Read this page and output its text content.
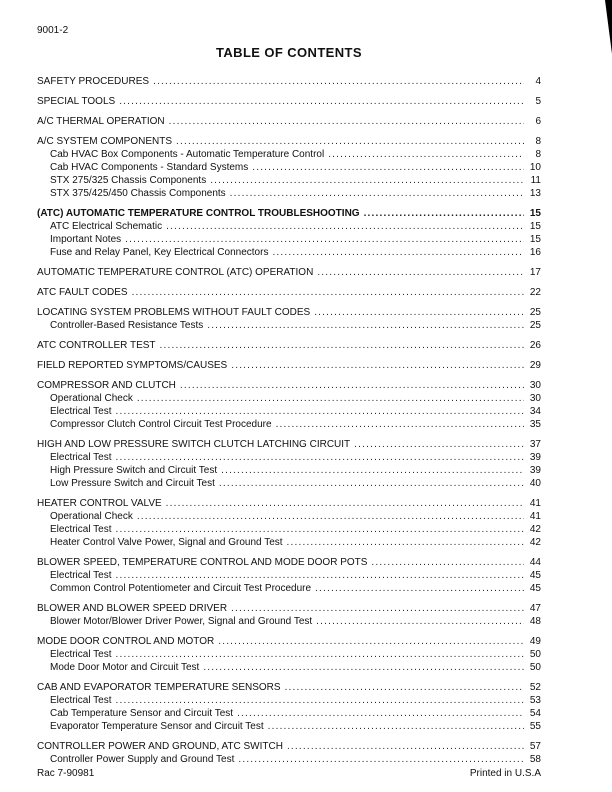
9001-2
TABLE OF CONTENTS
SAFETY PROCEDURES .....	4
SPECIAL TOOLS .....	5
A/C THERMAL OPERATION .....	6
A/C SYSTEM COMPONENTS .....	8
Cab HVAC Box Components - Automatic Temperature Control .....	8
Cab HVAC Components - Standard Systems .....	10
STX 275/325 Chassis Components .....	11
STX 375/425/450 Chassis Components .....	13
(ATC) AUTOMATIC TEMPERATURE CONTROL TROUBLESHOOTING .....	15
ATC Electrical Schematic .....	15
Important Notes .....	15
Fuse and Relay Panel, Key Electrical Connectors .....	16
AUTOMATIC TEMPERATURE CONTROL (ATC) OPERATION .....	17
ATC FAULT CODES .....	22
LOCATING SYSTEM PROBLEMS WITHOUT FAULT CODES .....	25
Controller-Based Resistance Tests .....	25
ATC CONTROLLER TEST .....	26
FIELD REPORTED SYMPTOMS/CAUSES .....	29
COMPRESSOR AND CLUTCH .....	30
Operational Check .....	30
Electrical Test .....	34
Compressor Clutch Control Circuit Test Procedure .....	35
HIGH AND LOW PRESSURE SWITCH CLUTCH LATCHING CIRCUIT .....	37
Electrical Test .....	39
High Pressure Switch and Circuit Test .....	39
Low Pressure Switch and Circuit Test .....	40
HEATER CONTROL VALVE .....	41
Operational Check .....	41
Electrical Test .....	42
Heater Control Valve Power, Signal and Ground Test .....	42
BLOWER SPEED, TEMPERATURE CONTROL AND MODE DOOR POTS .....	44
Electrical Test .....	45
Common Control Potentiometer and Circuit Test Procedure .....	45
BLOWER AND BLOWER SPEED DRIVER .....	47
Blower Motor/Blower Driver Power, Signal and Ground Test .....	48
MODE DOOR CONTROL AND MOTOR .....	49
Electrical Test .....	50
Mode Door Motor and Circuit Test .....	50
CAB AND EVAPORATOR TEMPERATURE SENSORS .....	52
Electrical Test .....	53
Cab Temperature Sensor and Circuit Test .....	54
Evaporator Temperature Sensor and Circuit Test .....	55
CONTROLLER POWER AND GROUND, ATC SWITCH .....	57
Controller Power Supply and Ground Test .....	58
Rac 7-90981	Printed in U.S.A
